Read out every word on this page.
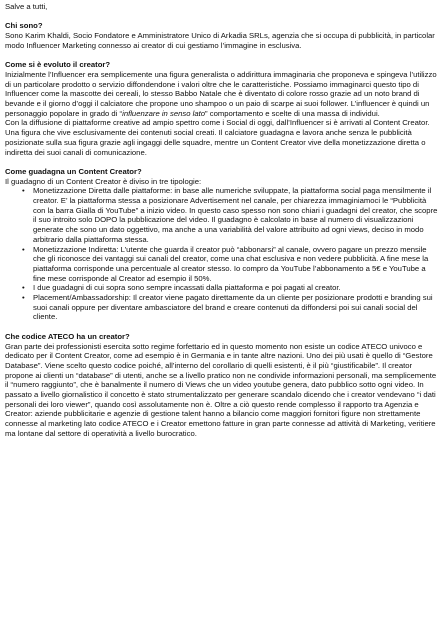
Salve a tutti,

Chi sono?

Sono Karim Khaldi, Socio Fondatore e Amministratore Unico di Arkadia SRLs, agenzia che si occupa di pubblicità, in particolar modo Influencer Marketing connesso ai creator di cui gestiamo l’immagine in esclusiva.

Come si è evoluto il creator?

Inizialmente l’Influencer era semplicemente una figura generalista o addirittura immaginaria che proponeva e spingeva l’utilizzo di un particolare prodotto o servizio diffondendone i valori oltre che le caratteristiche. Possiamo immaginarci questo tipo di Influencer come la mascotte dei cereali, lo stesso Babbo Natale che è diventato di colore rosso grazie ad un noto brand di bevande e il giorno d’oggi il calciatore che propone uno shampoo o un paio di scarpe ai suoi follower. L’influencer è quindi un personaggio popolare in grado di “influenzare in senso lato” comportamento e scelte di una massa di individui.

Con la diffusione di piattaforme creative ad ampio spettro come i Social di oggi, dall’Influencer si è arrivati al Content Creator. Una figura che vive esclusivamente dei contenuti social creati. Il calciatore guadagna e lavora anche senza le pubblicità posizionate sulla sua figura grazie agli ingaggi delle squadre, mentre un Content Creator vive della monetizzazione diretta o indiretta dei suoi canali di comunicazione.

Come guadagna un Content Creator?

Il guadagno di un Content Creator è diviso in tre tipologie:

• Monetizzazione Diretta dalle piattaforme: in base alle numeriche sviluppate, la piattaforma social paga mensilmente il creator. E’ la piattaforma stessa a posizionare Advertisement nel canale, per chiarezza immaginiamoci le “Pubblicità con la barra Gialla di YouTube” a inizio video. In questo caso spesso non sono chiari i guadagni del creator, che scopre il suo introito solo DOPO la pubblicazione del video. Il guadagno è calcolato in base al numero di visualizzazioni generate che sono un dato oggettivo, ma anche a una variabilità del valore attribuito ad ogni views, deciso in modo arbitrario dalla piattaforma stessa.
• Monetizzazione Indiretta: L’utente che guarda il creator può “abbonarsi” al canale, ovvero pagare un prezzo mensile che gli riconosce dei vantaggi sui canali del creator, come una chat esclusiva e non vedere pubblicità. A fine mese la piattaforma corrisponde una percentuale al creator stesso. Io compro da YouTube l’abbonamento a 5€ e YouTube a fine mese corrisponde al Creator ad esempio il 50%.
• I due guadagni di cui sopra sono sempre incassati dalla piattaforma e poi pagati al creator.
• Placement/Ambassadorship: Il creator viene pagato direttamente da un cliente per posizionare prodotti e branding sui suoi canali oppure per diventare ambasciatore del brand e creare contenuti da diffondersi poi sui canali social del cliente.

Che codice ATECO ha un creator?

Gran parte dei professionisti esercita sotto regime forfettario ed in questo momento non esiste un codice ATECO univoco e dedicato per il Content Creator, come ad esempio è in Germania e in tante altre nazioni. Uno dei più usati è quello di “Gestore Database”. Viene scelto questo codice poiché, all’interno del corollario di quelli esistenti, è il più “giustificabile”. Il creator propone ai clienti un “database” di utenti, anche se a livello pratico non ne condivide informazioni personali, ma semplicemente il “numero raggiunto”, che è banalmente il numero di Views che un video youtube genera, dato pubblico sotto ogni video. In passato a livello giornalistico il concetto è stato strumentalizzato per generare scandalo dicendo che i creator vendevano “i dati personali dei loro viewer”, quando così assolutamente non è. Oltre a ciò questo rende complesso il rapporto tra Agenzia e Creator: aziende pubblicitarie e agenzie di gestione talent hanno a bilancio come maggiori fornitori figure non strettamente connesse al marketing lato codice ATECO e i Creator emettono fatture in gran parte connesse ad attività di Marketing, veritiere ma lontane dal settore di operatività a livello burocratico.
